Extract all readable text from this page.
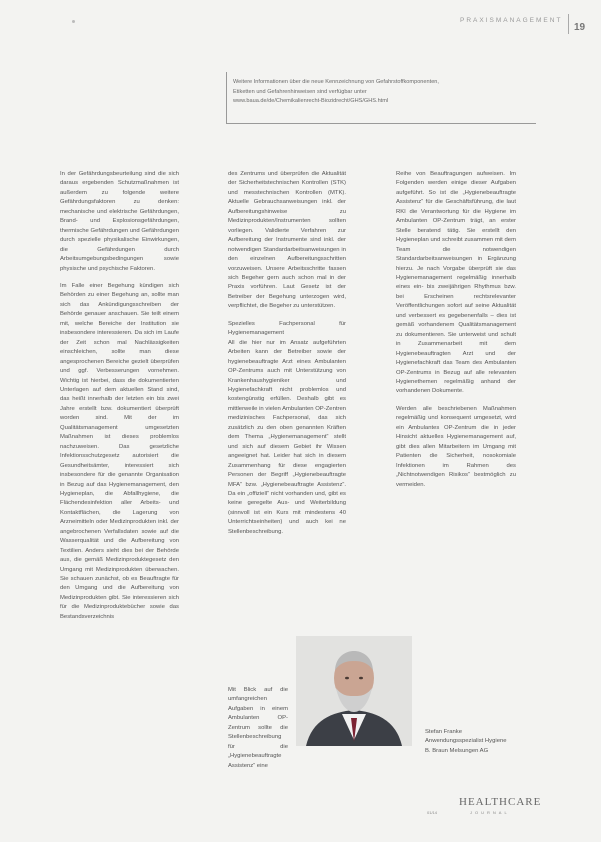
PRAXISMANAGEMENT
19

Weitere Informationen über die neue Kennzeichnung von Gefahrstoffkomponenten,

Etiketten und Gefahrenhinweisen sind verfügbar unter

www.baua.de/de/Chemikalienrecht-Biozidrecht/GHS/GHS.html

In der Gefährdungsbeurteilung sind die sich daraus ergebenden Schutzmaßnahmen ist außerdem zu folgende weitere Gefährdungsfaktoren zu denken: mechanische und elektrische Gefährdungen, Brand- und Explosionsgefährdungen, thermische Gefährdungen und Gefährdungen durch spezielle physikalische Einwirkungen, die Gefährdungen durch Arbeitsumgebungsbedingungen sowie physische und psychische Faktoren.

Im Falle einer Begehung kündigen sich Behörden zu einer Begehung an, sollte man sich das Ankündigungsschreiben der Behörde genauer anschauen. Sie teilt einem mit, welche Bereiche der Institution sie insbesondere interessieren. Da sich im Laufe der Zeit schon mal Nachlässigkeiten einschleichen, sollte man diese angesprochenen Bereiche gezielt überprüfen und ggf. Verbesserungen vornehmen. Wichtig ist hierbei, dass die dokumentierten Unterlagen auf dem aktuellen Stand sind, das heißt innerhalb der letzten ein bis zwei Jahre erstellt bzw. dokumentiert überprüft worden sind. Mit der im Qualitätsmanagement umgesetzten Maßnahmen ist dieses problemlos nachzuweisen. Das gesetzliche Infektionsschutzgesetz autorisiert die Gesundheitsämter, interessiert sich insbesondere für die genannte Organisation in Bezug auf das Hygienemanagement, den Hygieneplan, die Abfallhygiene, die Flächendesinfektion aller Arbeits- und Kontaktflächen, die Lagerung von Arzneimitteln oder Medizinprodukten inkl. der angebrochenen Verfallsdaten sowie auf die Wasserqualität und die Aufbereitung von Textilien. Anders sieht dies bei der Behörde aus, die gemäß Medizinproduktegesetz den Umgang mit Medizinprodukten überwachen. Sie schauen zunächst, ob es Beauftragte für den Umgang und die Aufbereitung von Medizinprodukten gibt. Sie interessieren sich für die Medizinproduktebücher sowie das Bestandsverzeichnis

des Zentrums und überprüfen die Aktualität der Sicherheitstechnischen Kontrollen (STK) und messtechnischen Kontrollen (MTK). Aktuelle Gebrauchsanweisungen inkl. der Aufbereitungshinweise zu Medizinprodukten/Instrumenten sollten vorliegen. Validierte Verfahren zur Aufbereitung der Instrumente sind inkl. der notwendigen Standardarbeitsanweisungen in den einzelnen Aufbereitungsschritten vorzuweisen. Unsere Arbeitsschritte fassen sich Begeher gern auch schon mal in der Praxis vorführen. Laut Gesetz ist der Betreiber der Begehung unterzogen wird, verpflichtet, die Begeher zu unterstützen.

Spezielles Fachpersonal für Hygienemanagement

All die hier nur im Ansatz aufgeführten Arbeiten kann der Betreiber sowie der hygienebeauftragte Arzt eines Ambulanten OP-Zentrums auch mit Unterstützung von Krankenhaushygieniker und Hygienefachkraft nicht problemlos und kostengünstig erfüllen. Deshalb gibt es mittlerweile in vielen Ambulanten OP-Zentren medizinisches Fachpersonal, das sich zusätzlich zu den oben genannten Kräften dem Thema „Hygienemanagement“ stellt und sich auf diesem Gebiet ihr Wissen angeeignet hat. Leider hat sich in diesem Zusammenhang für diese engagierten Personen der Begriff „Hygienebeauftragte MFA“ bzw. „Hygienebeauftragte Assistenz“. Da ein „offiziell“ nicht vorhanden und, gibt es keine geregelte Aus- und Weiterbildung (sinnvoll ist ein Kurs mit mindestens 40 Unterrichtseinheiten) und auch kei ne Stellenbeschreibung.

Mit Blick auf die umfangreichen Aufgaben in einem Ambulanten OP-Zentrum sollte die Stellenbeschreibung für die „Hygienebeauftragte Assistenz“ eine

Reihe von Beauftragungen aufweisen. Im Folgenden werden einige dieser Aufgaben aufgeführt. So ist die „Hygienebeauftragte Assistenz“ für die Geschäftsführung, die laut RKI die Verantwortung für die Hygiene im Ambulanten OP-Zentrum trägt, an erster Stelle beratend tätig. Sie erstellt den Hygieneplan und schreibt zusammen mit dem Team die notwendigen Standardarbeitsanweisungen in Ergänzung hierzu. Je nach Vorgabe überprüft sie das Hygienemanagement regelmäßig innerhalb eines ein- bis zweijährigen Rhythmus bzw. bei Erscheinen rechtsrelevanter Veröffentlichungen sofort auf seine Aktualität und verbessert es gegebenenfalls – dies ist gemäß vorhandenem Qualitätsmanagement zu dokumentieren. Sie unterweist und schult in Zusammenarbeit mit dem Hygienebeauftragten Arzt und der Hygienefachkraft das Team des Ambulanten OP-Zentrums in Bezug auf alle relevanten Hygienethemen regelmäßig anhand der vorhandenen Dokumente.

Werden alle beschriebenen Maßnahmen regelmäßig und konsequent umgesetzt, wird ein Ambulantes OP-Zentrum die in jeder Hinsicht aktuelles Hygienemanagement auf, gibt dies allen Mitarbeitern im Umgang mit Patienten die Sicherheit, nosokomiale Infektionen im Rahmen des „Nichtnotwendigen Risikos“ bestmöglich zu vermeiden.

Stefan Franke
Anwendungsspezialist Hygiene
B. Braun Melsungen AG
01/14
HEALTHCARE
JOURNAL
